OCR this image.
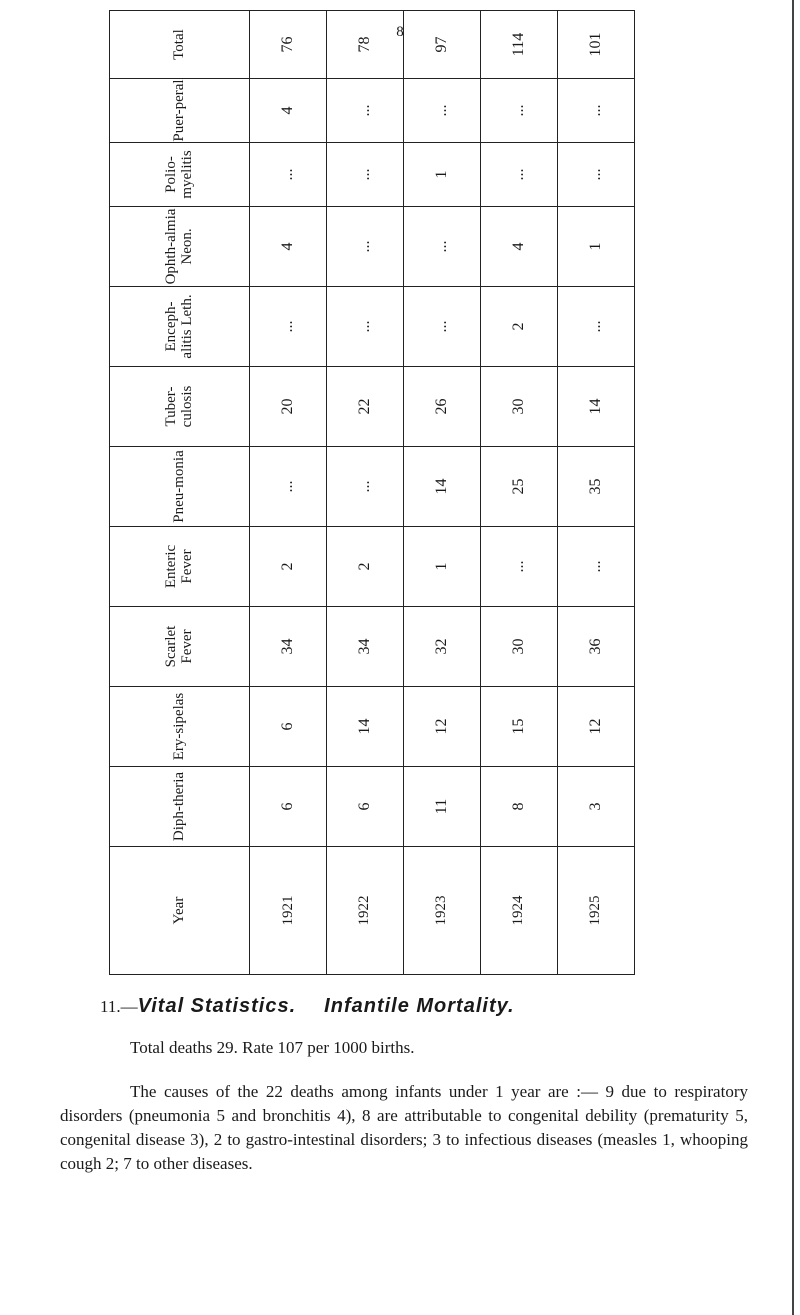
8
Year	Diph-theria	Ery-sipelas	Scarlet Fever	Enteric Fever	Pneu-monia	Tuber-culosis	Enceph-alitis Leth.	Ophth-almia Neon.	Polio-myelitis	Puer-peral	Total
1921	6	6	34	2	...	20	...	4	...	4	76
1922	6	14	34	2	...	22	...	...	...	...	78
1923	11	12	32	1	14	26	...	...	1	...	97
1924	8	15	30	...	25	30	2	4	...	...	114
1925	3	12	36	...	35	14	...	1	...	...	101
11.—Vital Statistics. Infantile Mortality.
Total deaths 29. Rate 107 per 1000 births.
The causes of the 22 deaths among infants under 1 year are :— 9 due to respiratory disorders (pneumonia 5 and bronchitis 4), 8 are attributable to congenital debility (prematurity 5, congenital disease 3), 2 to gastro-intestinal disorders; 3 to infectious diseases (measles 1, whooping cough 2; 7 to other diseases.
